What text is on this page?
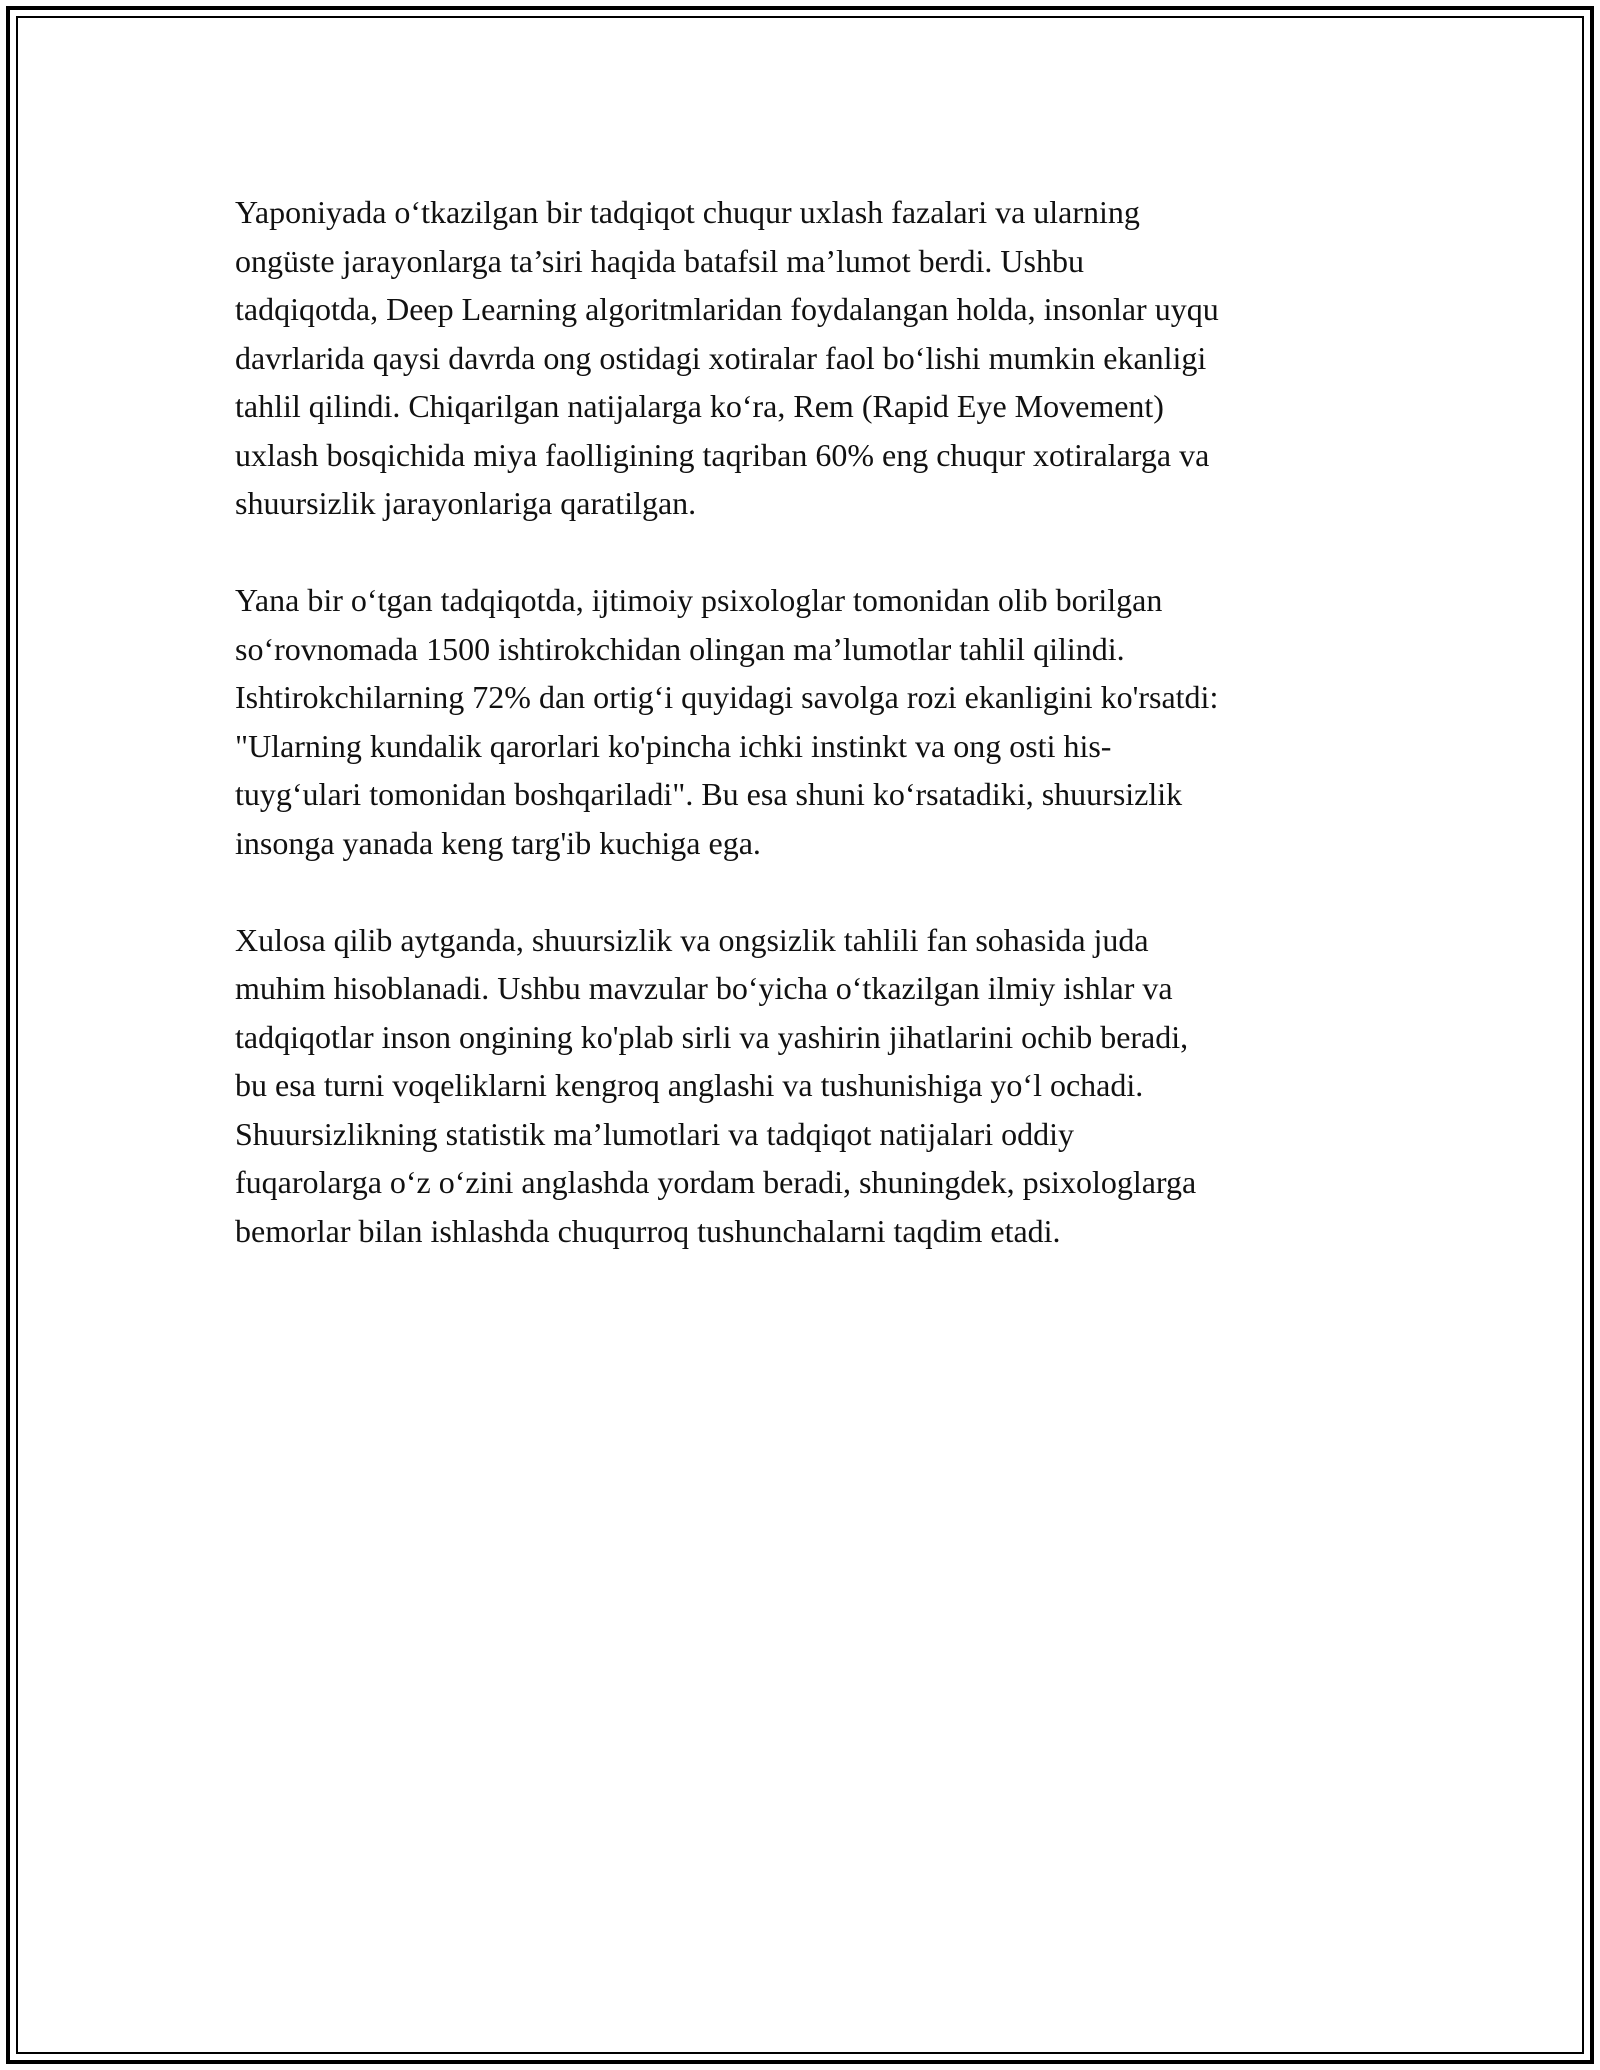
Yaponiyada o‘tkazilgan bir tadqiqot chuqur uxlash fazalari va ularning
ongüste jarayonlarga ta’siri haqida batafsil ma’lumot berdi. Ushbu
tadqiqotda, Deep Learning algoritmlaridan foydalangan holda, insonlar uyqu
davrlarida qaysi davrda ong ostidagi xotiralar faol bo‘lishi mumkin ekanligi
tahlil qilindi. Chiqarilgan natijalarga ko‘ra, Rem (Rapid Eye Movement)
uxlash bosqichida miya faolligining taqriban 60% eng chuqur xotiralarga va
shuursizlik jarayonlariga qaratilgan.

Yana bir o‘tgan tadqiqotda, ijtimoiy psixologlar tomonidan olib borilgan
so‘rovnomada 1500 ishtirokchidan olingan ma’lumotlar tahlil qilindi.
Ishtirokchilarning 72% dan ortig‘i quyidagi savolga rozi ekanligini ko'rsatdi:
"Ularning kundalik qarorlari ko'pincha ichki instinkt va ong osti his-
tuyg‘ulari tomonidan boshqariladi". Bu esa shuni ko‘rsatadiki, shuursizlik
insonga yanada keng targ'ib kuchiga ega.

Xulosa qilib aytganda, shuursizlik va ongsizlik tahlili fan sohasida juda
muhim hisoblanadi. Ushbu mavzular bo‘yicha o‘tkazilgan ilmiy ishlar va
tadqiqotlar inson ongining ko'plab sirli va yashirin jihatlarini ochib beradi,
bu esa turni voqeliklarni kengroq anglashi va tushunishiga yo‘l ochadi.
Shuursizlikning statistik ma’lumotlari va tadqiqot natijalari oddiy
fuqarolarga o‘z o‘zini anglashda yordam beradi, shuningdek, psixologlarga
bemorlar bilan ishlashda chuqurroq tushunchalarni taqdim etadi.
